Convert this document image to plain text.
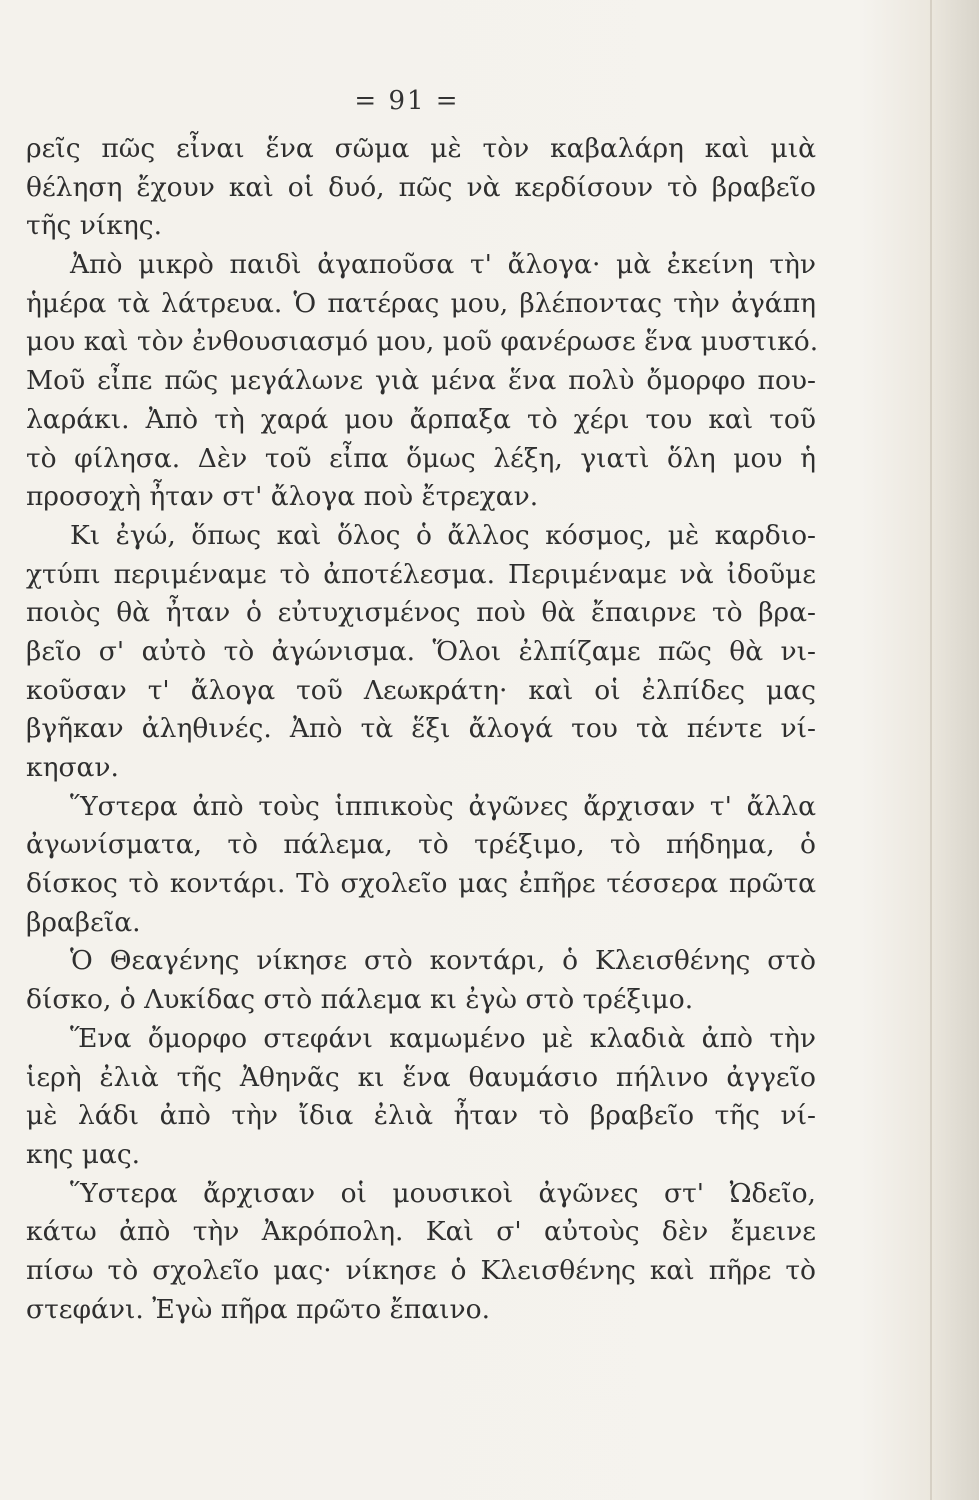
= 91 =
ρεῖς πῶς εἶναι ἕνα σῶμα μὲ τὸν καβαλάρη καὶ μιὰ
θέληση ἔχουν καὶ οἱ δυό, πῶς νὰ κερδίσουν τὸ βραβεῖο
τῆς νίκης.
Ἀπὸ μικρὸ παιδὶ ἀγαποῦσα τ' ἄλογα· μὰ ἐκείνη τὴν
ἡμέρα τὰ λάτρευα. Ὁ πατέρας μου, βλέποντας τὴν ἀγάπη
μου καὶ τὸν ἐνθουσιασμό μου, μοῦ φανέρωσε ἕνα μυστικό.
Μοῦ εἶπε πῶς μεγάλωνε γιὰ μένα ἕνα πολὺ ὄμορφο που-
λαράκι. Ἀπὸ τὴ χαρά μου ἄρπαξα τὸ χέρι του καὶ τοῦ
τὸ φίλησα. Δὲν τοῦ εἶπα ὅμως λέξη, γιατὶ ὅλη μου ἡ
προσοχὴ ἦταν στ' ἄλογα ποὺ ἔτρεχαν.
Κι ἐγώ, ὅπως καὶ ὅλος ὁ ἄλλος κόσμος, μὲ καρδιο-
χτύπι περιμέναμε τὸ ἀποτέλεσμα. Περιμέναμε νὰ ἰδοῦμε
ποιὸς θὰ ἦταν ὁ εὐτυχισμένος ποὺ θὰ ἔπαιρνε τὸ βρα-
βεῖο σ' αὐτὸ τὸ ἀγώνισμα. Ὅλοι ἐλπίζαμε πῶς θὰ νι-
κοῦσαν τ' ἄλογα τοῦ Λεωκράτη· καὶ οἱ ἐλπίδες μας
βγῆκαν ἀληθινές. Ἀπὸ τὰ ἕξι ἄλογά του τὰ πέντε νί-
κησαν.
Ὕστερα ἀπὸ τοὺς ἱππικοὺς ἀγῶνες ἄρχισαν τ' ἄλλα
ἀγωνίσματα, τὸ πάλεμα, τὸ τρέξιμο, τὸ πήδημα, ὁ
δίσκος τὸ κοντάρι. Τὸ σχολεῖο μας ἐπῆρε τέσσερα πρῶτα
βραβεῖα.
Ὁ Θεαγένης νίκησε στὸ κοντάρι, ὁ Κλεισθένης στὸ
δίσκο, ὁ Λυκίδας στὸ πάλεμα κι ἐγὼ στὸ τρέξιμο.
Ἕνα ὄμορφο στεφάνι καμωμένο μὲ κλαδιὰ ἀπὸ τὴν
ἱερὴ ἐλιὰ τῆς Ἀθηνᾶς κι ἕνα θαυμάσιο πήλινο ἀγγεῖο
μὲ λάδι ἀπὸ τὴν ἴδια ἐλιὰ ἦταν τὸ βραβεῖο τῆς νί-
κης μας.
Ὕστερα ἄρχισαν οἱ μουσικοὶ ἀγῶνες στ' Ὠδεῖο,
κάτω ἀπὸ τὴν Ἀκρόπολη. Καὶ σ' αὐτοὺς δὲν ἔμεινε
πίσω τὸ σχολεῖο μας· νίκησε ὁ Κλεισθένης καὶ πῆρε τὸ
στεφάνι. Ἐγὼ πῆρα πρῶτο ἔπαινο.
